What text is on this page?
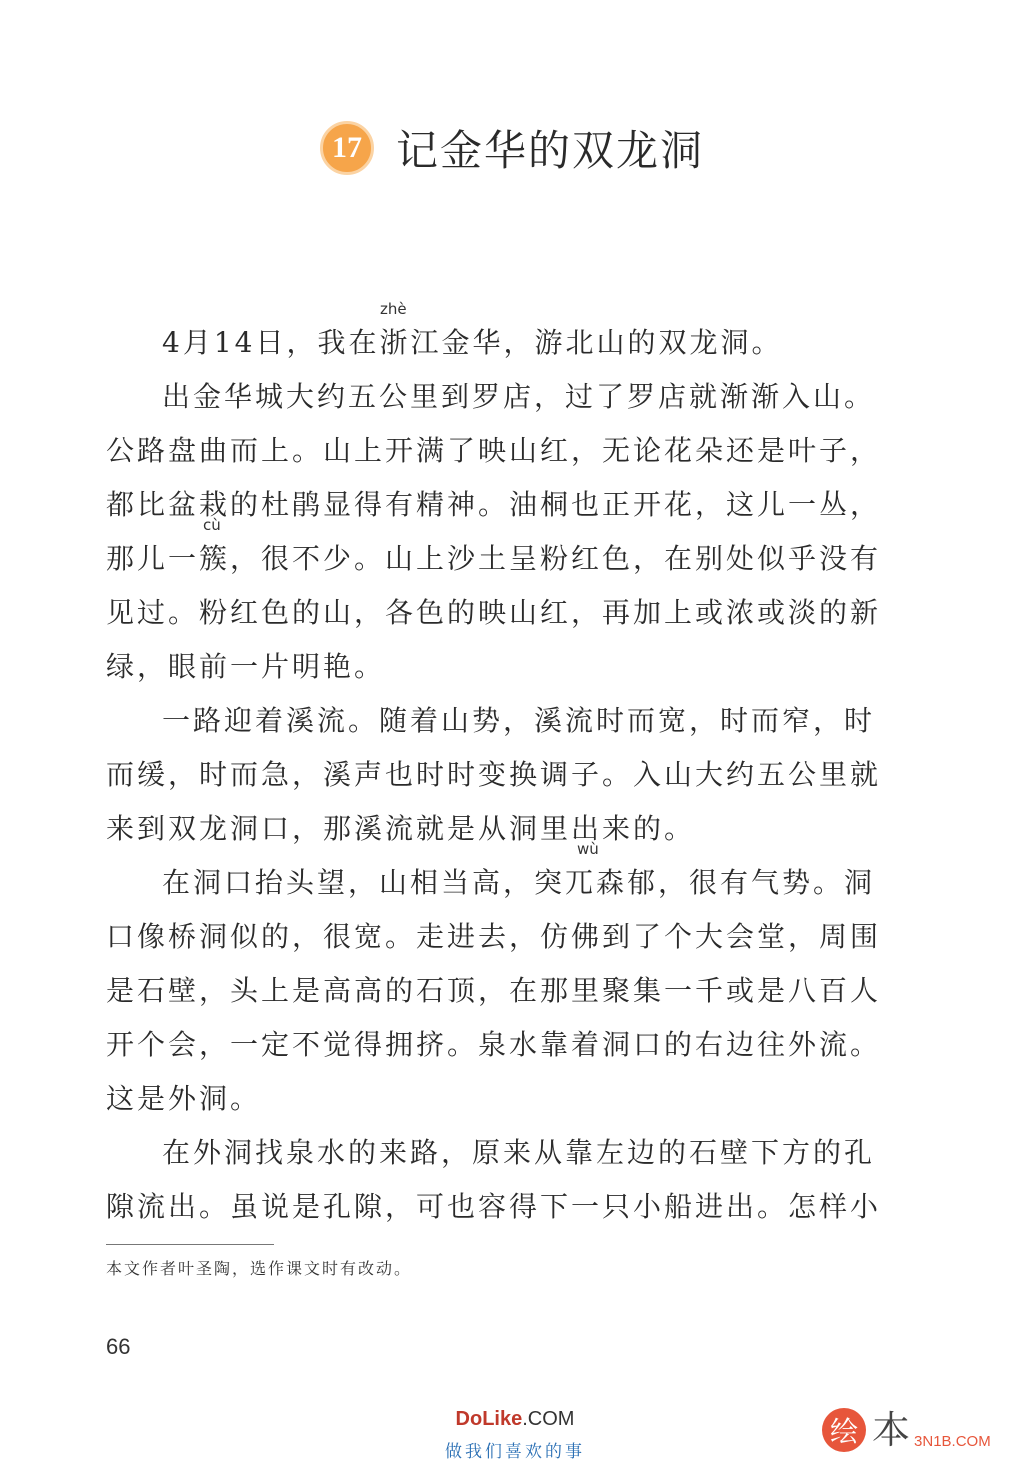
17 记金华的双龙洞
zhè
cù
wù

4月14日，我在浙江金华，游北山的双龙洞。

出金华城大约五公里到罗店，过了罗店就渐渐入山。公路盘曲而上。山上开满了映山红，无论花朵还是叶子，都比盆栽的杜鹃显得有精神。油桐也正开花，这儿一丛，那儿一簇，很不少。山上沙土呈粉红色，在别处似乎没有见过。粉红色的山，各色的映山红，再加上或浓或淡的新绿，眼前一片明艳。

一路迎着溪流。随着山势，溪流时而宽，时而窄，时而缓，时而急，溪声也时时变换调子。入山大约五公里就来到双龙洞口，那溪流就是从洞里出来的。

在洞口抬头望，山相当高，突兀森郁，很有气势。洞口像桥洞似的，很宽。走进去，仿佛到了个大会堂，周围是石壁，头上是高高的石顶，在那里聚集一千或是八百人开个会，一定不觉得拥挤。泉水靠着洞口的右边往外流。这是外洞。

在外洞找泉水的来路，原来从靠左边的石壁下方的孔隙流出。虽说是孔隙，可也容得下一只小船进出。怎样小

本文作者叶圣陶，选作课文时有改动。
66
DoLike.COM
做我们喜欢的事
绘 本 3N1B.COM
